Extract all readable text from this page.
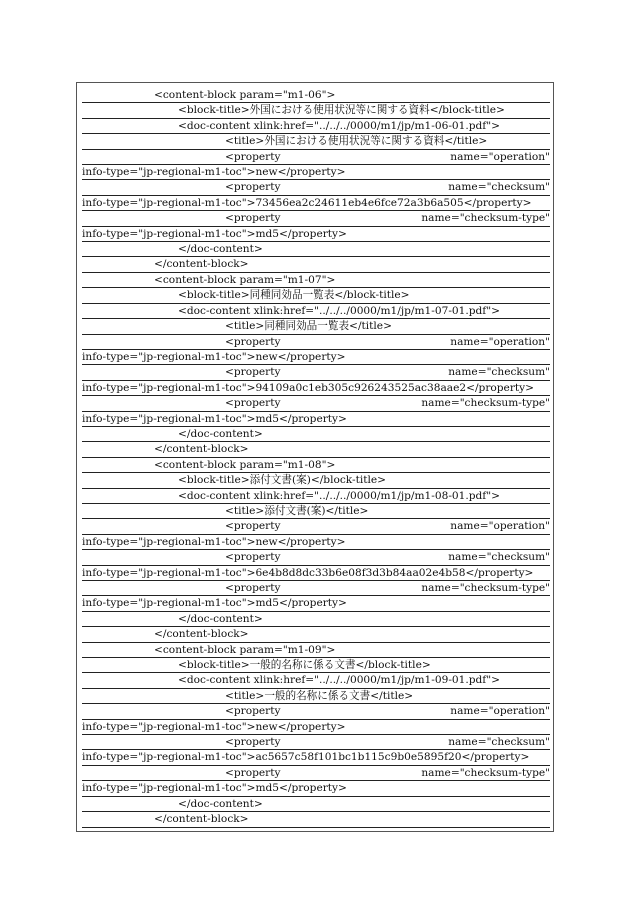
<content-block param="m1-06">
<block-title>外国における使用状況等に関する資料</block-title>
<doc-content xlink:href="../../../0000/m1/jp/m1-06-01.pdf">
<title>外国における使用状況等に関する資料</title>
<property	name="operation"
info-type="jp-regional-m1-toc">new</property>
<property	name="checksum"
info-type="jp-regional-m1-toc">73456ea2c24611eb4e6fce72a3b6a505</property>
<property	name="checksum-type"
info-type="jp-regional-m1-toc">md5</property>
</doc-content>
</content-block>
<content-block param="m1-07">
<block-title>同種同効品一覧表</block-title>
<doc-content xlink:href="../../../0000/m1/jp/m1-07-01.pdf">
<title>同種同効品一覧表</title>
<property	name="operation"
info-type="jp-regional-m1-toc">new</property>
<property	name="checksum"
info-type="jp-regional-m1-toc">94109a0c1eb305c926243525ac38aae2</property>
<property	name="checksum-type"
info-type="jp-regional-m1-toc">md5</property>
</doc-content>
</content-block>
<content-block param="m1-08">
<block-title>添付文書(案)</block-title>
<doc-content xlink:href="../../../0000/m1/jp/m1-08-01.pdf">
<title>添付文書(案)</title>
<property	name="operation"
info-type="jp-regional-m1-toc">new</property>
<property	name="checksum"
info-type="jp-regional-m1-toc">6e4b8d8dc33b6e08f3d3b84aa02e4b58</property>
<property	name="checksum-type"
info-type="jp-regional-m1-toc">md5</property>
</doc-content>
</content-block>
<content-block param="m1-09">
<block-title>一般的名称に係る文書</block-title>
<doc-content xlink:href="../../../0000/m1/jp/m1-09-01.pdf">
<title>一般的名称に係る文書</title>
<property	name="operation"
info-type="jp-regional-m1-toc">new</property>
<property	name="checksum"
info-type="jp-regional-m1-toc">ac5657c58f101bc1b115c9b0e5895f20</property>
<property	name="checksum-type"
info-type="jp-regional-m1-toc">md5</property>
</doc-content>
</content-block>
